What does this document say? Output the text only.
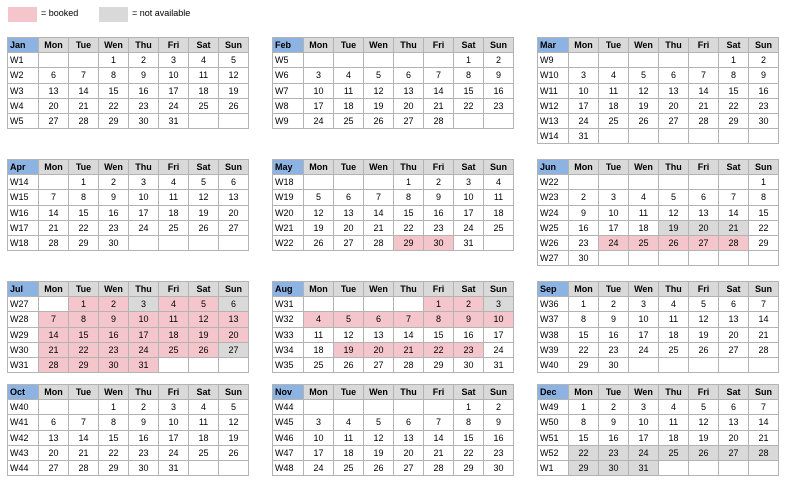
= booked	= not available
Jan	Mon	Tue	Wen	Thu	Fri	Sat	Sun
W1			1	2	3	4	5
W2	6	7	8	9	10	11	12
W3	13	14	15	16	17	18	19
W4	20	21	22	23	24	25	26
W5	27	28	29	30	31		
Feb	Mon	Tue	Wen	Thu	Fri	Sat	Sun
W5						1	2
W6	3	4	5	6	7	8	9
W7	10	11	12	13	14	15	16
W8	17	18	19	20	21	22	23
W9	24	25	26	27	28		
Mar	Mon	Tue	Wen	Thu	Fri	Sat	Sun
W9						1	2
W10	3	4	5	6	7	8	9
W11	10	11	12	13	14	15	16
W12	17	18	19	20	21	22	23
W13	24	25	26	27	28	29	30
W14	31						
Apr	Mon	Tue	Wen	Thu	Fri	Sat	Sun
W14		1	2	3	4	5	6
W15	7	8	9	10	11	12	13
W16	14	15	16	17	18	19	20
W17	21	22	23	24	25	26	27
W18	28	29	30				
May	Mon	Tue	Wen	Thu	Fri	Sat	Sun
W18				1	2	3	4
W19	5	6	7	8	9	10	11
W20	12	13	14	15	16	17	18
W21	19	20	21	22	23	24	25
W22	26	27	28	29	30	31	
Jun	Mon	Tue	Wen	Thu	Fri	Sat	Sun
W22							1
W23	2	3	4	5	6	7	8
W24	9	10	11	12	13	14	15
W25	16	17	18	19	20	21	22
W26	23	24	25	26	27	28	29
W27	30						
Jul	Mon	Tue	Wen	Thu	Fri	Sat	Sun
W27		1	2	3	4	5	6
W28	7	8	9	10	11	12	13
W29	14	15	16	17	18	19	20
W30	21	22	23	24	25	26	27
W31	28	29	30	31			
Aug	Mon	Tue	Wen	Thu	Fri	Sat	Sun
W31					1	2	3
W32	4	5	6	7	8	9	10
W33	11	12	13	14	15	16	17
W34	18	19	20	21	22	23	24
W35	25	26	27	28	29	30	31
Sep	Mon	Tue	Wen	Thu	Fri	Sat	Sun
W36	1	2	3	4	5	6	7
W37	8	9	10	11	12	13	14
W38	15	16	17	18	19	20	21
W39	22	23	24	25	26	27	28
W40	29	30					
Oct	Mon	Tue	Wen	Thu	Fri	Sat	Sun
W40			1	2	3	4	5
W41	6	7	8	9	10	11	12
W42	13	14	15	16	17	18	19
W43	20	21	22	23	24	25	26
W44	27	28	29	30	31		
Nov	Mon	Tue	Wen	Thu	Fri	Sat	Sun
W44						1	2
W45	3	4	5	6	7	8	9
W46	10	11	12	13	14	15	16
W47	17	18	19	20	21	22	23
W48	24	25	26	27	28	29	30
Dec	Mon	Tue	Wen	Thu	Fri	Sat	Sun
W49	1	2	3	4	5	6	7
W50	8	9	10	11	12	13	14
W51	15	16	17	18	19	20	21
W52	22	23	24	25	26	27	28
W1	29	30	31				
